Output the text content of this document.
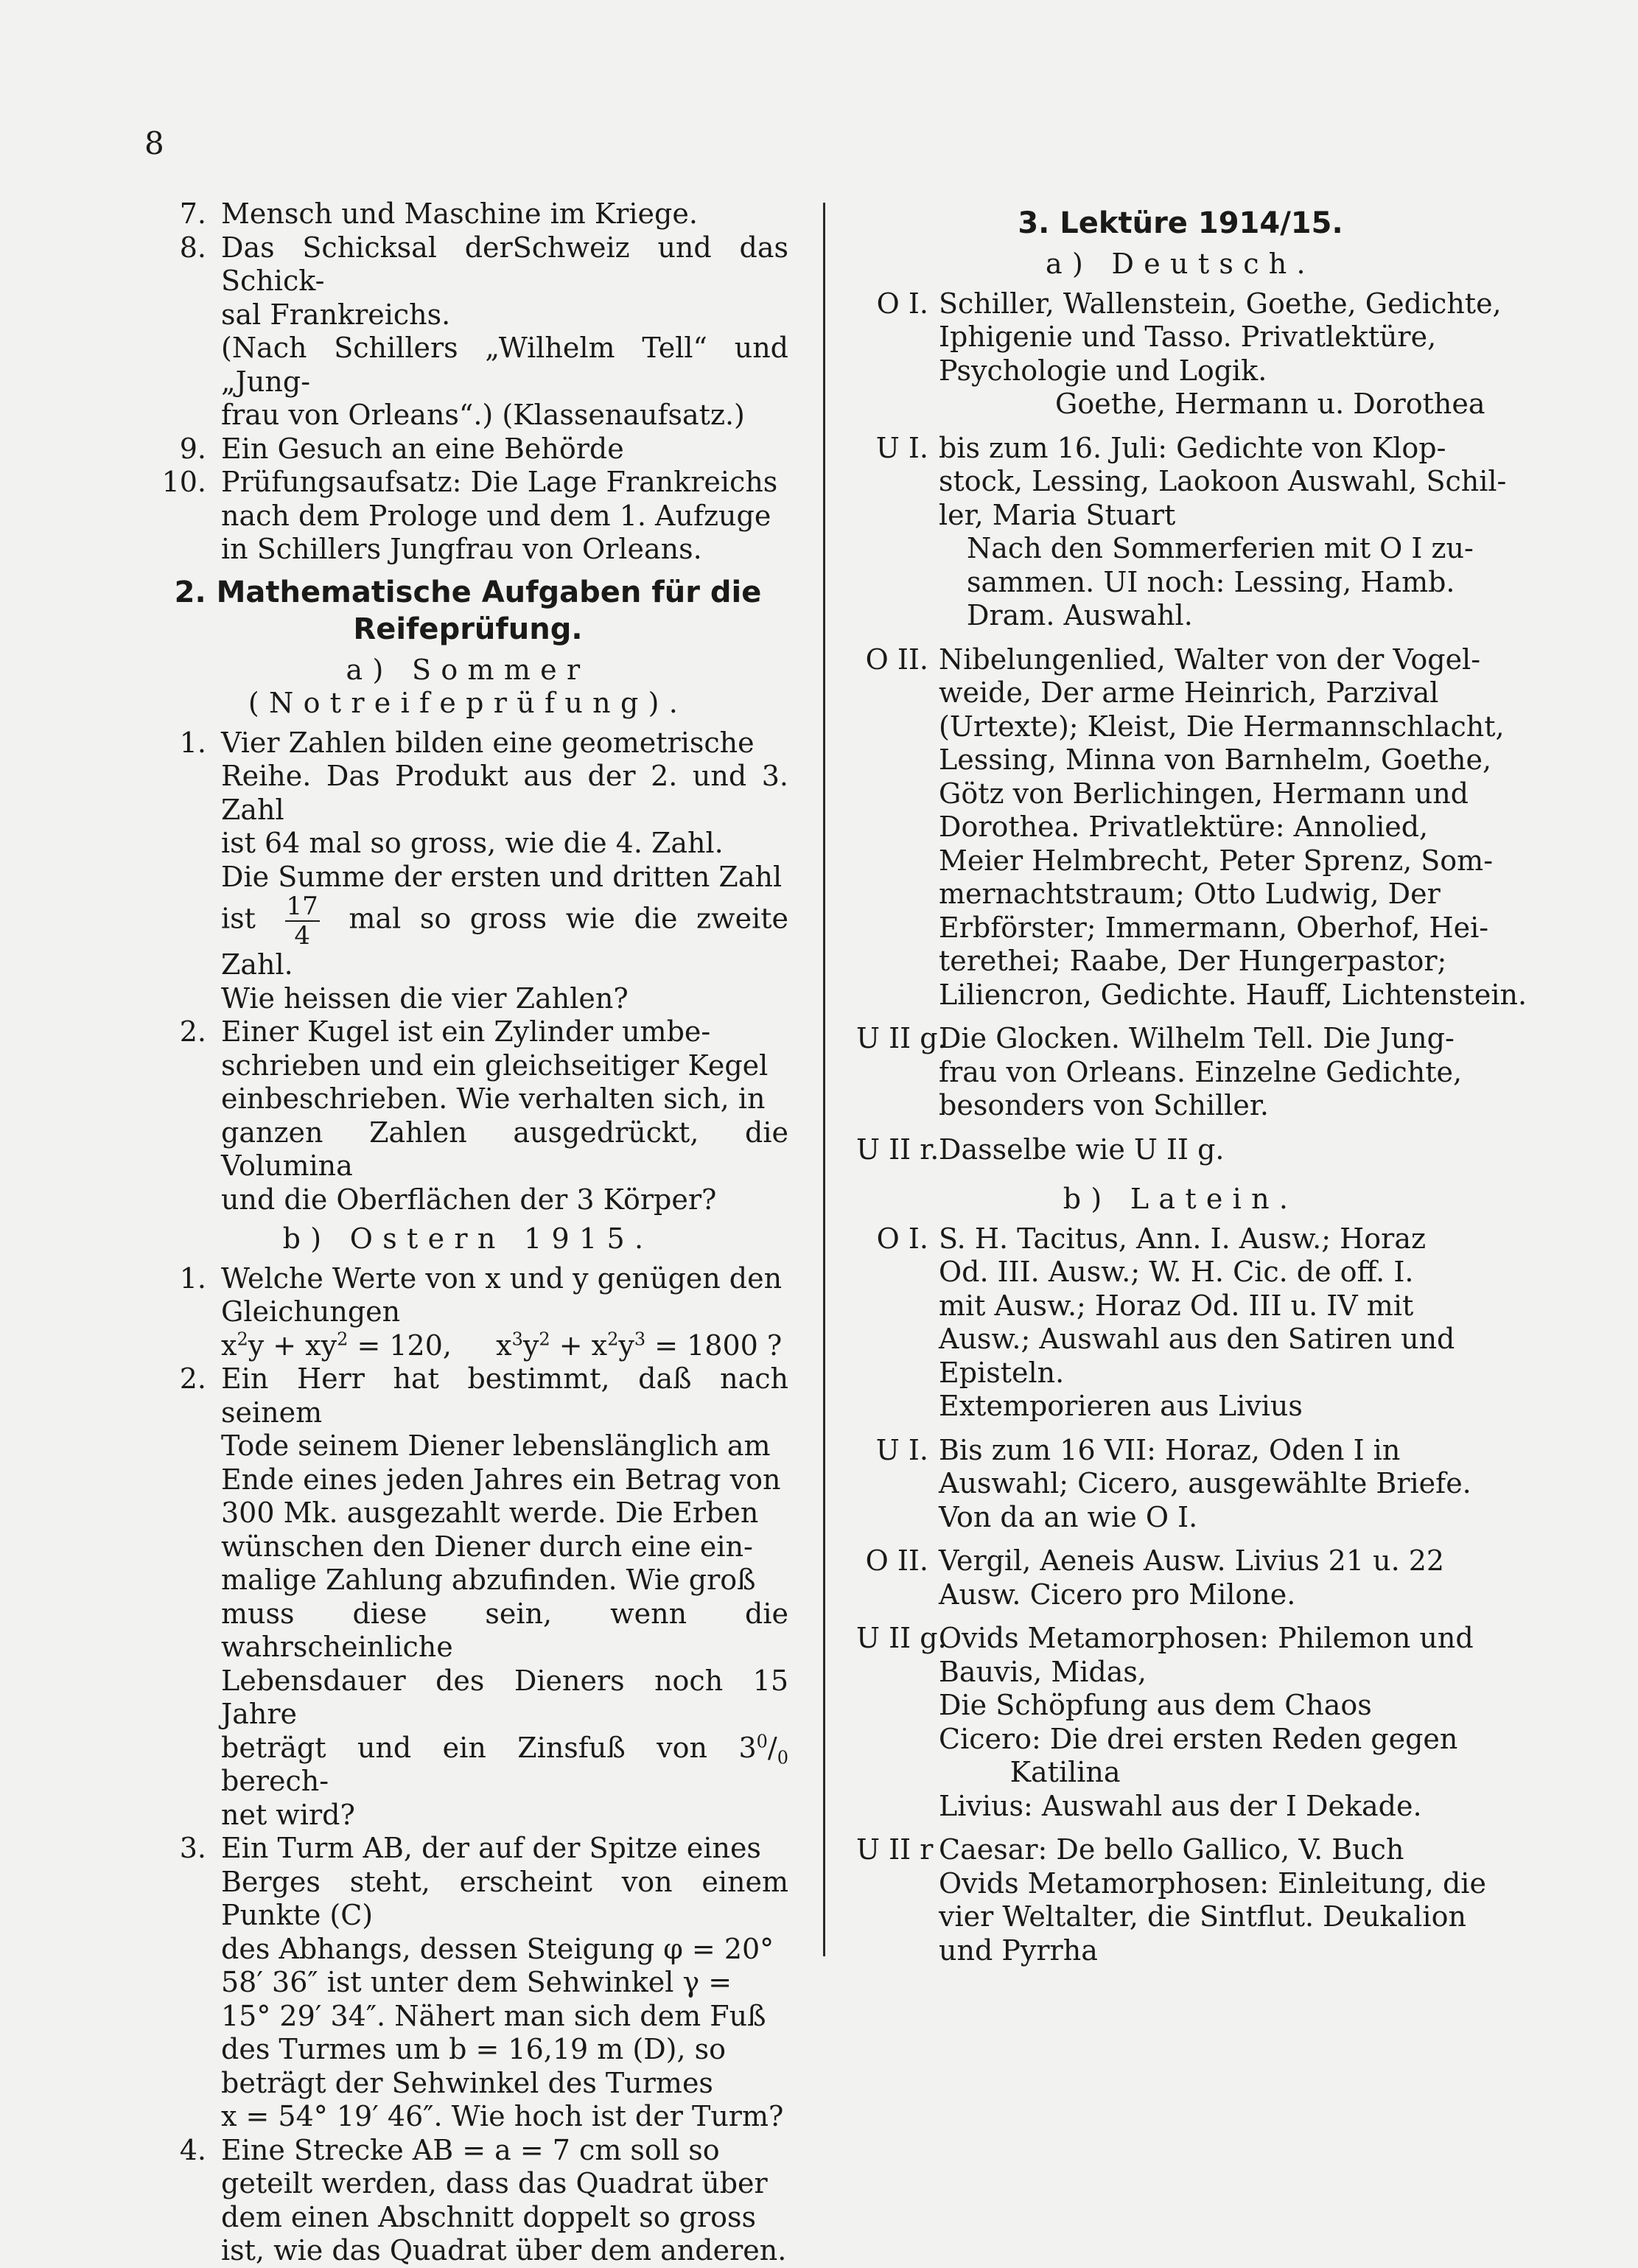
8
7. Mensch und Maschine im Kriege.
8. Das Schicksal derSchweiz und das Schick-
sal Frankreichs.
(Nach Schillers „Wilhelm Tell“ und „Jung-
frau von Orleans“.) (Klassenaufsatz.)
9. Ein Gesuch an eine Behörde
10. Prüfungsaufsatz: Die Lage Frankreichs
nach dem Prologe und dem 1. Aufzuge
in Schillers Jungfrau von Orleans.
2. Mathematische Aufgaben für die
Reifeprüfung.
a) Sommer (Notreifeprüfung).
1. Vier Zahlen bilden eine geometrische
Reihe. Das Produkt aus der 2. und 3. Zahl
ist 64 mal so gross, wie die 4. Zahl.
Die Summe der ersten und dritten Zahl
ist $\frac{17}{4}$ mal so gross wie die zweite Zahl.
Wie heissen die vier Zahlen?
2. Einer Kugel ist ein Zylinder umbe-
schrieben und ein gleichseitiger Kegel
einbeschrieben. Wie verhalten sich, in
ganzen Zahlen ausgedrückt, die Volumina
und die Oberflächen der 3 Körper?
b) Ostern 1915.
1. Welche Werte von x und y genügen den
Gleichungen
$x^2y + xy^2 = 120$, $x^3y^2 + x^2y^3 = 1800$ ?
2. Ein Herr hat bestimmt, daß nach seinem
Tode seinem Diener lebenslänglich am
Ende eines jeden Jahres ein Betrag von
300 Mk. ausgezahlt werde. Die Erben
wünschen den Diener durch eine ein-
malige Zahlung abzufinden. Wie groß
muss diese sein, wenn die wahrscheinliche
Lebensdauer des Dieners noch 15 Jahre
beträgt und ein Zinsfuß von $3^0/_0$ berech-
net wird?
3. Ein Turm AB, der auf der Spitze eines
Berges steht, erscheint von einem Punkte (C)
des Abhangs, dessen Steigung φ = 20°
58′ 36″ ist unter dem Sehwinkel γ =
15° 29′ 34″. Nähert man sich dem Fuß
des Turmes um b = 16,19 m (D), so
beträgt der Sehwinkel des Turmes
x = 54° 19′ 46″. Wie hoch ist der Turm?
4. Eine Strecke AB = a = 7 cm soll so
geteilt werden, dass das Quadrat über
dem einen Abschnitt doppelt so gross
ist, wie das Quadrat über dem anderen.
3. Lektüre 1914/15.
a) Deutsch.
O I. Schiller, Wallenstein, Goethe, Gedichte,
Iphigenie und Tasso. Privatlektüre,
Psychologie und Logik.
Goethe, Hermann u. Dorothea
U I. bis zum 16. Juli: Gedichte von Klop-
stock, Lessing, Laokoon Auswahl, Schil-
ler, Maria Stuart
Nach den Sommerferien mit O I zu-
sammen. UI noch: Lessing, Hamb.
Dram. Auswahl.
O II. Nibelungenlied, Walter von der Vogel-
weide, Der arme Heinrich, Parzival
(Urtexte); Kleist, Die Hermannschlacht,
Lessing, Minna von Barnhelm, Goethe,
Götz von Berlichingen, Hermann und
Dorothea. Privatlektüre: Annolied,
Meier Helmbrecht, Peter Sprenz, Som-
mernachtstraum; Otto Ludwig, Der
Erbförster; Immermann, Oberhof, Hei-
terethei; Raabe, Der Hungerpastor;
Liliencron, Gedichte. Hauff, Lichtenstein.
U II g.
Die Glocken. Wilhelm Tell. Die Jung-
frau von Orleans. Einzelne Gedichte,
besonders von Schiller.
U II r. Dasselbe wie U II g.
b) Latein.
O I. S. H. Tacitus, Ann. I. Ausw.; Horaz
Od. III. Ausw.; W. H. Cic. de off. I.
mit Ausw.; Horaz Od. III u. IV mit
Ausw.; Auswahl aus den Satiren und
Episteln.
Extemporieren aus Livius
U I. Bis zum 16 VII: Horaz, Oden I in
Auswahl; Cicero, ausgewählte Briefe.
Von da an wie O I.
O II. Vergil, Aeneis Ausw. Livius 21 u. 22
Ausw. Cicero pro Milone.
U II g.
Ovids Metamorphosen: Philemon und
Bauvis, Midas,
Die Schöpfung aus dem Chaos
Cicero: Die drei ersten Reden gegen
Katilina
Livius: Auswahl aus der I Dekade.
U II r Caesar: De bello Gallico, V. Buch
Ovids Metamorphosen: Einleitung, die
vier Weltalter, die Sintflut. Deukalion
und Pyrrha
